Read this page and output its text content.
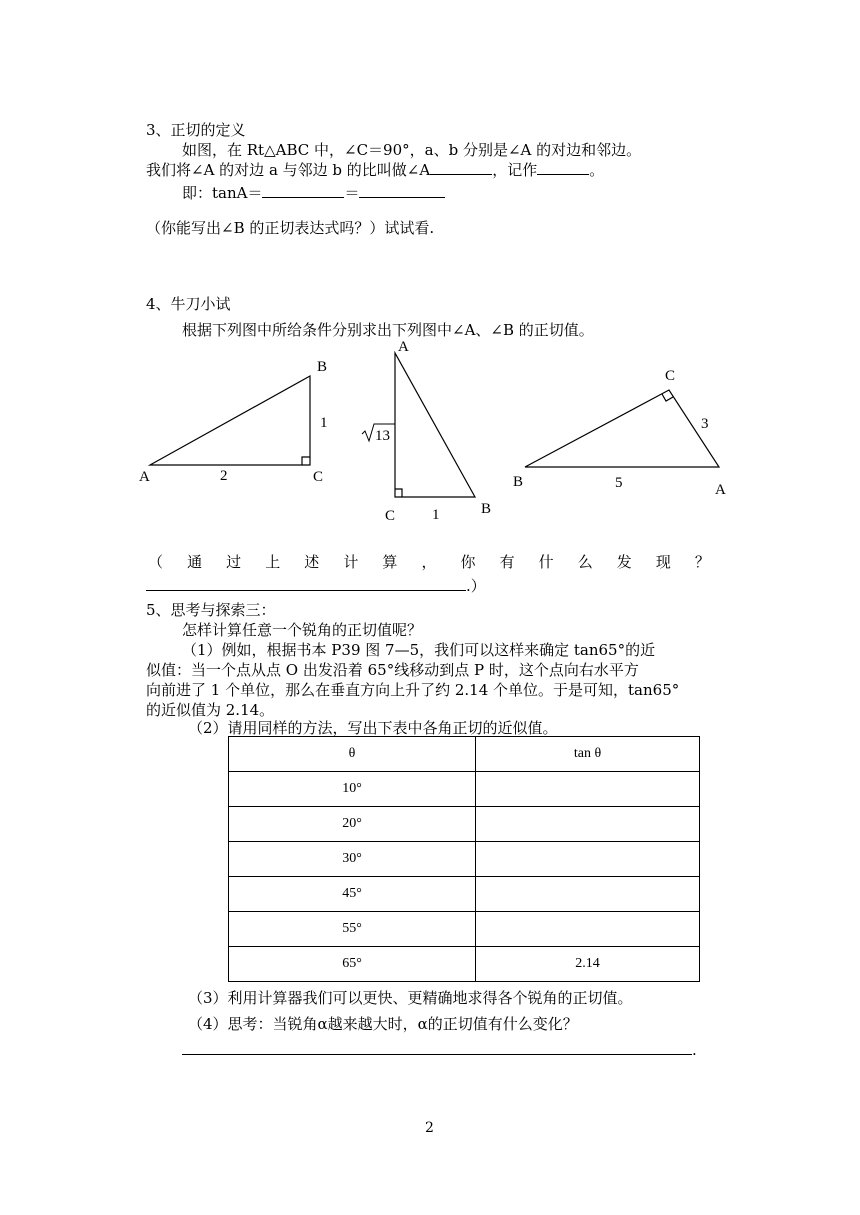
3、正切的定义
如图，在 Rt△ABC 中，∠C＝90°，a、b 分别是∠A 的对边和邻边。
我们将∠A 的对边 a 与邻边 b 的比叫做∠A	，记作	。
即：tanA＝	＝
（你能写出∠B 的正切表达式吗？）试试看.
4、牛刀小试
根据下列图中所给条件分别求出下列图中∠A、∠B 的正切值。
B
1
A	2	C
A
13
C 1	B
C
3
B	5	A
（ 通 过 上 述 计 算 ， 你 有 什 么 发 现 ？
.）
5、思考与探索三：
怎样计算任意一个锐角的正切值呢？
（1）例如，根据书本 P39 图 7—5，我们可以这样来确定 tan65°的近
似值：当一个点从点 O 出发沿着 65°线移动到点 P 时，这个点向右水平方
向前进了 1 个单位，那么在垂直方向上升了约 2.14 个单位。于是可知，tan65°
的近似值为 2.14。
（2）请用同样的方法，写出下表中各角正切的近似值。
θ	tan θ
10°	
20°	
30°	
45°	
55°	
65°	2.14
（3）利用计算器我们可以更快、更精确地求得各个锐角的正切值。
（4）思考：当锐角α越来越大时，α的正切值有什么变化？
.
2
